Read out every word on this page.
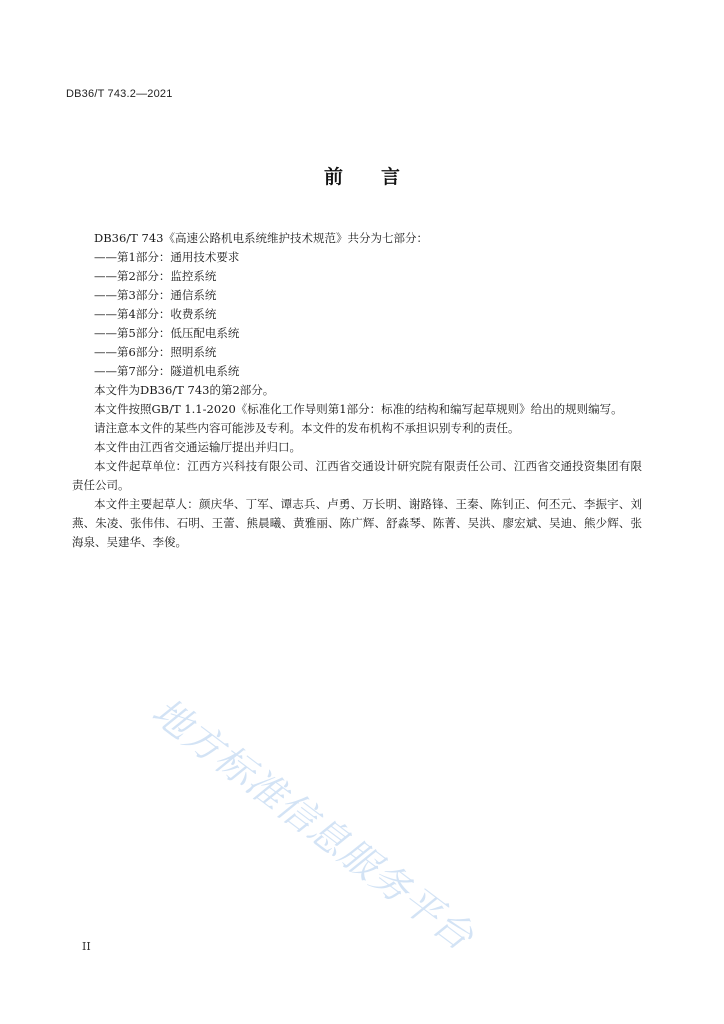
DB36/T 743.2—2021
前言

DB36/T 743《高速公路机电系统维护技术规范》共分为七部分：

——第1部分：通用技术要求
——第2部分：监控系统
——第3部分：通信系统
——第4部分：收费系统
——第5部分：低压配电系统
——第6部分：照明系统
——第7部分：隧道机电系统

本文件为DB36/T 743的第2部分。

本文件按照GB/T 1.1-2020《标准化工作导则第1部分：标准的结构和编写起草规则》给出的规则编写。

请注意本文件的某些内容可能涉及专利。本文件的发布机构不承担识别专利的责任。

本文件由江西省交通运输厅提出并归口。

本文件起草单位：江西方兴科技有限公司、江西省交通设计研究院有限责任公司、江西省交通投资集团有限责任公司。

本文件主要起草人：颜庆华、丁军、谭志兵、卢勇、万长明、谢路锋、王秦、陈钊正、何丕元、李振宇、刘燕、朱凌、张伟伟、石明、王蕾、熊晨曦、黄雅丽、陈广辉、舒淼琴、陈菁、吴洪、廖宏斌、吴迪、熊少辉、张海泉、吴建华、李俊。

地方标准信息服务平台
II
